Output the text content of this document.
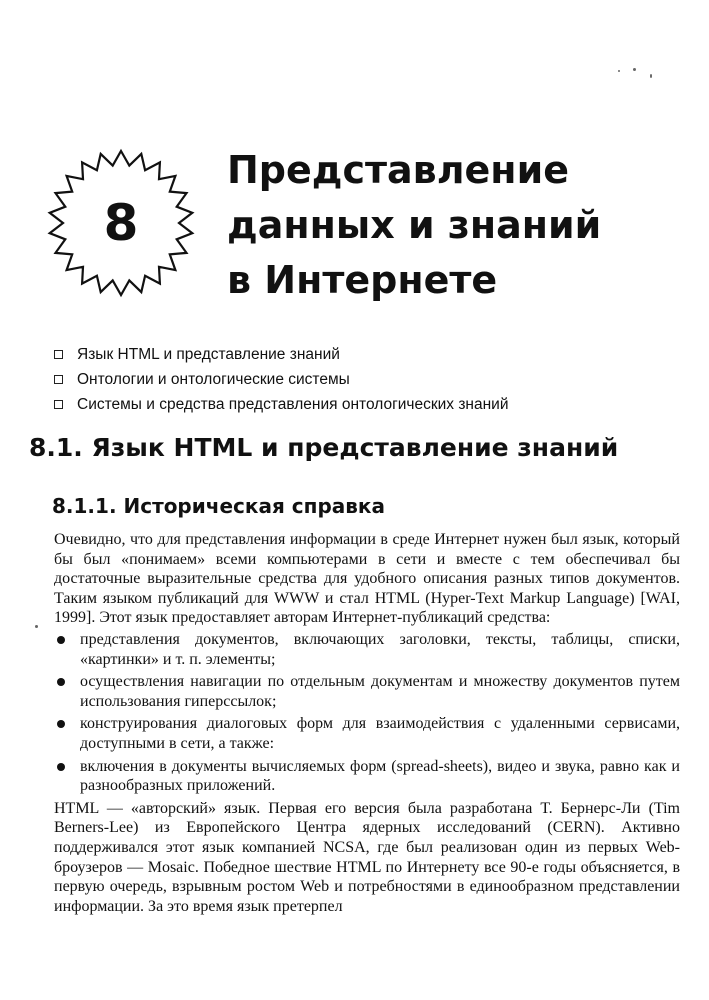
8
Представление
данных и знаний
в Интернете
Язык HTML и представление знаний
Онтологии и онтологические системы
Системы и средства представления онтологических знаний
8.1. Язык HTML и представление знаний
8.1.1. Историческая справка

Очевидно, что для представления информации в среде Интернет нужен был язык, который бы был «понимаем» всеми компьютерами в сети и вместе с тем обеспечивал бы достаточные выразительные средства для удобного описания разных типов документов. Таким языком публикаций для WWW и стал HTML (Hyper-Text Markup Language) [WAI, 1999]. Этот язык предоставляет авторам Интернет-публикаций средства:

представления документов, включающих заголовки, тексты, таблицы, списки, «картинки» и т. п. элементы;
осуществления навигации по отдельным документам и множеству документов путем использования гиперссылок;
конструирования диалоговых форм для взаимодействия с удаленными сервисами, доступными в сети, а также:
включения в документы вычисляемых форм (spread-sheets), видео и звука, равно как и разнообразных приложений.

HTML — «авторский» язык. Первая его версия была разработана Т. Бернерс-Ли (Tim Berners-Lee) из Европейского Центра ядерных исследований (CERN). Активно поддерживался этот язык компанией NCSA, где был реализован один из первых Web-броузеров — Mosaic. Победное шествие HTML по Интернету все 90-е годы объясняется, в первую очередь, взрывным ростом Web и потребностями в единообразном представлении информации. За это время язык претерпел
